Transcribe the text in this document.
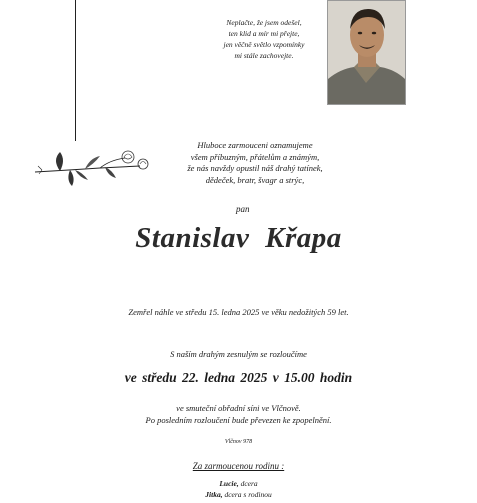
Neplačte, že jsem odešel,
ten klid a mír mi přejte,
jen věčně světlo vzpomínky
mi stále zachovejte.
Hluboce zarmouceni oznamujeme
všem příbuzným, přátelům a známým,
že nás navždy opustil náš drahý tatínek,
dědeček, bratr, švagr a strýc,
pan
Stanislav Křapa
Zemřel náhle ve středu 15. ledna 2025 ve věku nedožitých 59 let.
S naším drahým zesnulým se rozloučíme
ve středu 22. ledna 2025 v 15.00 hodin
ve smuteční obřadní síni ve Vlčnově.
Po posledním rozloučení bude převezen ke zpopelnění.
Vlčnov 978
Za zarmoucenou rodinu :
Lucie, dcera
Jitka, dcera s rodinou
